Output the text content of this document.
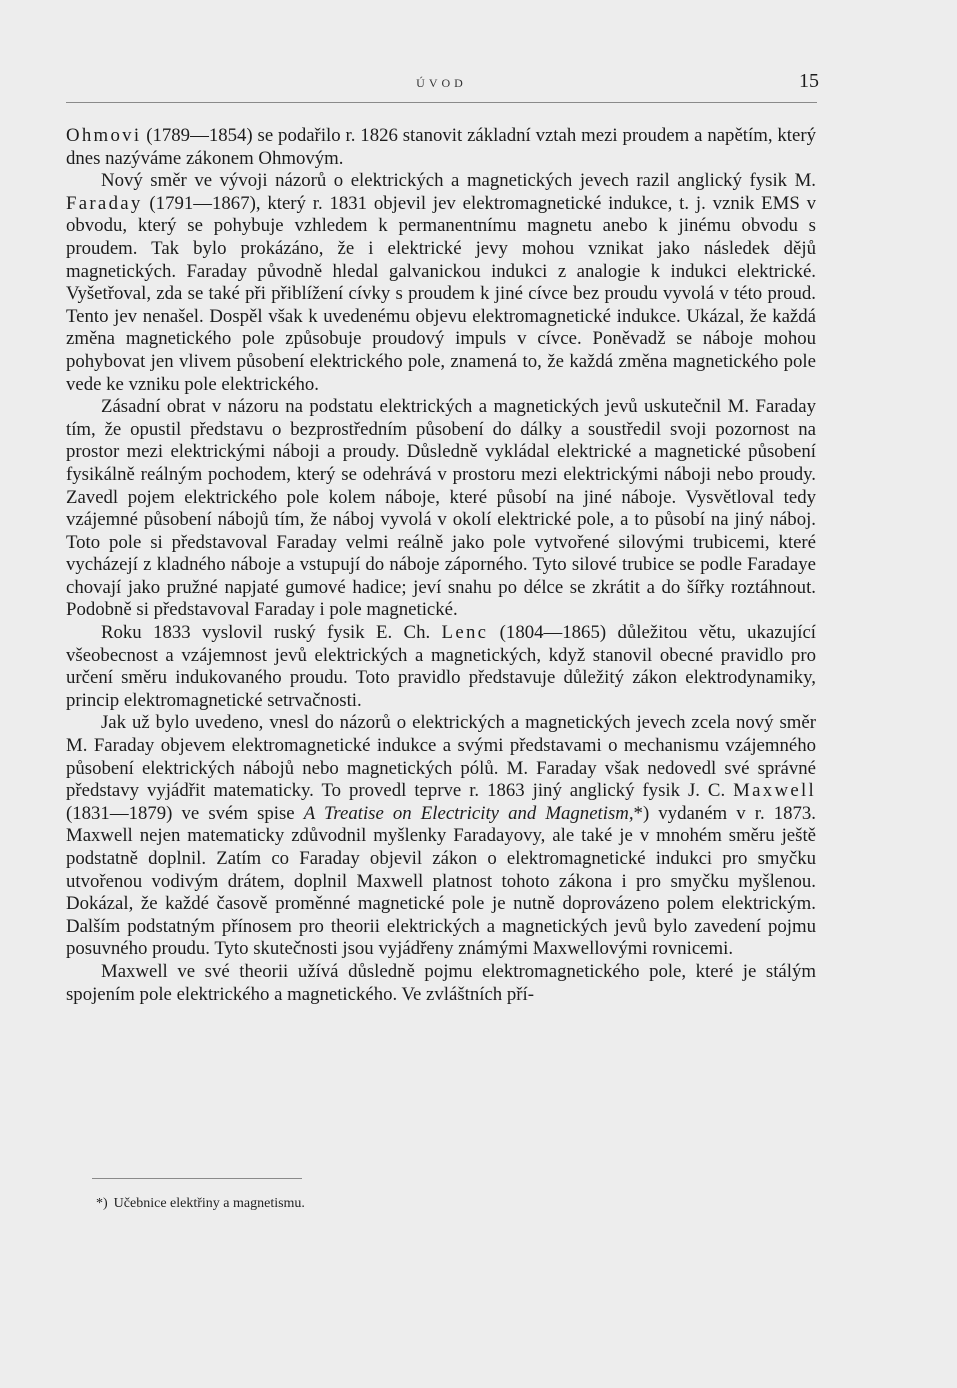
ÚVOD	15

Ohmovi (1789—1854) se podařilo r. 1826 stanovit základní vztah mezi proudem a napětím, který dnes nazýváme zákonem Ohmovým.

Nový směr ve vývoji názorů o elektrických a magnetických jevech razil anglický fysik M. Faraday (1791—1867), který r. 1831 objevil jev elektromagnetické indukce, t. j. vznik EMS v obvodu, který se pohybuje vzhledem k permanentnímu magnetu anebo k jinému obvodu s proudem. Tak bylo prokázáno, že i elektrické jevy mohou vznikat jako následek dějů magnetických. Faraday původně hledal galvanickou indukci z analogie k indukci elektrické. Vyšetřoval, zda se také při přiblížení cívky s proudem k jiné cívce bez proudu vyvolá v této proud. Tento jev nenašel. Dospěl však k uvedenému objevu elektromagnetické indukce. Ukázal, že každá změna magnetického pole způsobuje proudový impuls v cívce. Poněvadž se náboje mohou pohybovat jen vlivem působení elektrického pole, znamená to, že každá změna magnetického pole vede ke vzniku pole elektrického.

Zásadní obrat v názoru na podstatu elektrických a magnetických jevů uskutečnil M. Faraday tím, že opustil představu o bezprostředním působení do dálky a soustředil svoji pozornost na prostor mezi elektrickými náboji a proudy. Důsledně vykládal elektrické a magnetické působení fysikálně reálným pochodem, který se odehrává v prostoru mezi elektrickými náboji nebo proudy. Zavedl pojem elektrického pole kolem náboje, které působí na jiné náboje. Vysvětloval tedy vzájemné působení nábojů tím, že náboj vyvolá v okolí elektrické pole, a to působí na jiný náboj. Toto pole si představoval Faraday velmi reálně jako pole vytvořené silovými trubicemi, které vycházejí z kladného náboje a vstupují do náboje záporného. Tyto silové trubice se podle Faradaye chovají jako pružné napjaté gumové hadice; jeví snahu po délce se zkrátit a do šířky roztáhnout. Podobně si představoval Faraday i pole magnetické.

Roku 1833 vyslovil ruský fysik E. Ch. Lenc (1804—1865) důležitou větu, ukazující všeobecnost a vzájemnost jevů elektrických a magnetických, když stanovil obecné pravidlo pro určení směru indukovaného proudu. Toto pravidlo představuje důležitý zákon elektrodynamiky, princip elektromagnetické setrvačnosti.

Jak už bylo uvedeno, vnesl do názorů o elektrických a magnetických jevech zcela nový směr M. Faraday objevem elektromagnetické indukce a svými představami o mechanismu vzájemného působení elektrických nábojů nebo magnetických pólů. M. Faraday však nedovedl své správné představy vyjádřit matematicky. To provedl teprve r. 1863 jiný anglický fysik J. C. Maxwell (1831—1879) ve svém spise A Treatise on Electricity and Magnetism,*) vydaném v r. 1873. Maxwell nejen matematicky zdůvodnil myšlenky Faradayovy, ale také je v mnohém směru ještě podstatně doplnil. Zatím co Faraday objevil zákon o elektromagnetické indukci pro smyčku utvořenou vodivým drátem, doplnil Maxwell platnost tohoto zákona i pro smyčku myšlenou. Dokázal, že každé časově proměnné magnetické pole je nutně doprovázeno polem elektrickým. Dalším podstatným přínosem pro theorii elektrických a magnetických jevů bylo zavedení pojmu posuvného proudu. Tyto skutečnosti jsou vyjádřeny známými Maxwellovými rovnicemi.

Maxwell ve své theorii užívá důsledně pojmu elektromagnetického pole, které je stálým spojením pole elektrického a magnetického. Ve zvláštních pří-

*) Učebnice elektřiny a magnetismu.
